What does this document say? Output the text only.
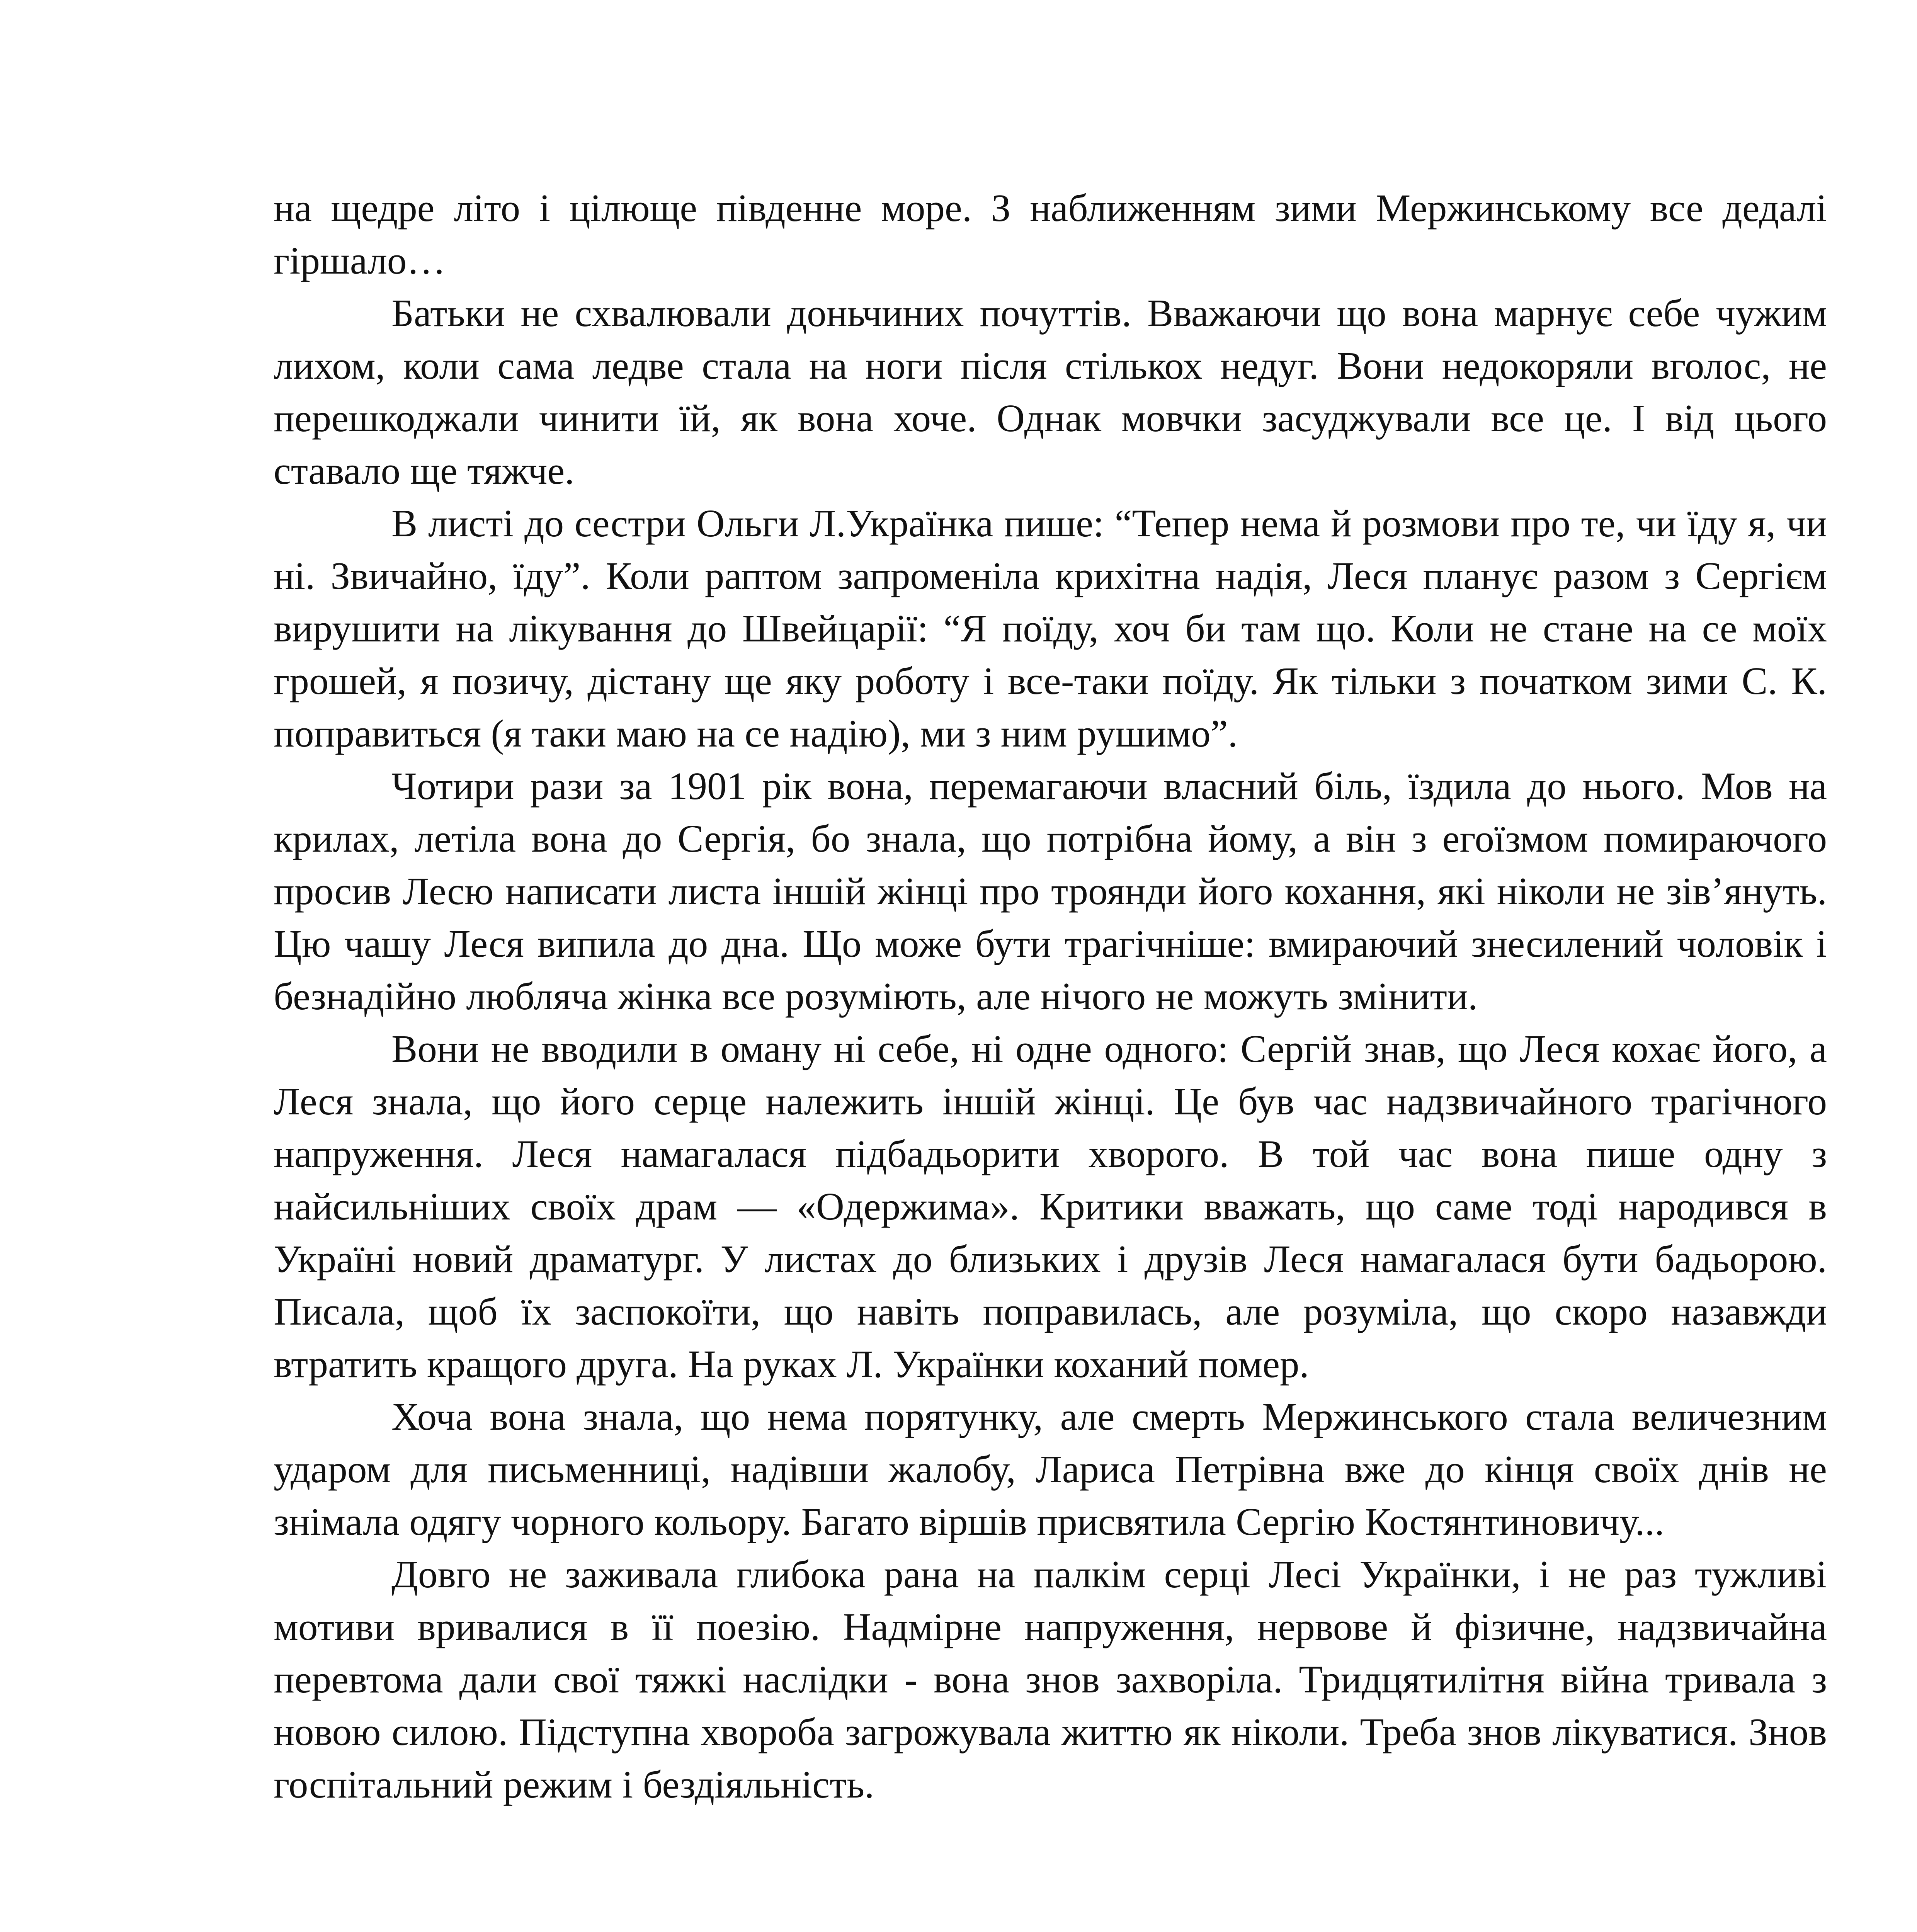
на щедре літо і цілюще південне море. З наближенням зими Мержинському все дедалі гіршало…

Батьки не схвалювали доньчиних почуттів. Вважаючи що вона марнує себе чужим лихом, коли сама ледве стала на ноги після стількох недуг. Вони недокоряли вголос, не перешкоджали чинити їй, як вона хоче. Однак мовчки засуджували все це. І від цього ставало ще тяжче.

В листі до сестри Ольги Л.Українка пише: “Тепер нема й розмови про те, чи їду я, чи ні. Звичайно, їду”. Коли раптом запроменіла крихітна надія, Леся планує разом з Сергієм вирушити на лікування до Швейцарії: “Я поїду, хоч би там що. Коли не стане на се моїх грошей, я позичу, дістану ще яку роботу і все-таки поїду. Як тільки з початком зими С. К. поправиться (я таки маю на се надію), ми з ним рушимо”.

Чотири рази за 1901 рік вона, перемагаючи власний біль, їздила до нього. Мов на крилах, летіла вона до Сергія, бо знала, що потрібна йому, а він з егоїзмом помираючого просив Лесю написати листа іншій жінці про троянди його кохання, які ніколи не зів’януть. Цю чашу Леся випила до дна. Що може бути трагічніше: вмираючий знесилений чоловік і безнадійно любляча жінка все розуміють, але нічого не можуть змінити.

Вони не вводили в оману ні себе, ні одне одного: Сергій знав, що Леся кохає його, а Леся знала, що його серце належить іншій жінці. Це був час надзвичайного трагічного напруження. Леся намагалася підбадьорити хворого. В той час вона пише одну з найсильніших своїх драм — «Одержима». Критики вважать, що саме тоді народився в Україні новий драматург. У листах до близьких і друзів Леся намагалася бути бадьорою. Писала, щоб їх заспокоїти, що навіть поправилась, але розуміла, що скоро назавжди втратить кращого друга. На руках Л. Українки коханий помер.

Хоча вона знала, що нема порятунку, але смерть Мержинського стала величезним ударом для письменниці, надівши жалобу, Лариса Петрівна вже до кінця своїх днів не знімала одягу чорного кольору. Багато віршів присвятила Сергію Костянтиновичу...

Довго не заживала глибока рана на палкім серці Лесі Українки, і не раз тужливі мотиви вривалися в її поезію. Надмірне напруження, нервове й фізичне, надзвичайна перевтома дали свої тяжкі наслідки - вона знов захворіла. Тридцятилітня війна тривала з новою силою. Підступна хвороба загрожувала життю як ніколи. Треба знов лікуватися. Знов госпітальний режим і бездіяльність.
